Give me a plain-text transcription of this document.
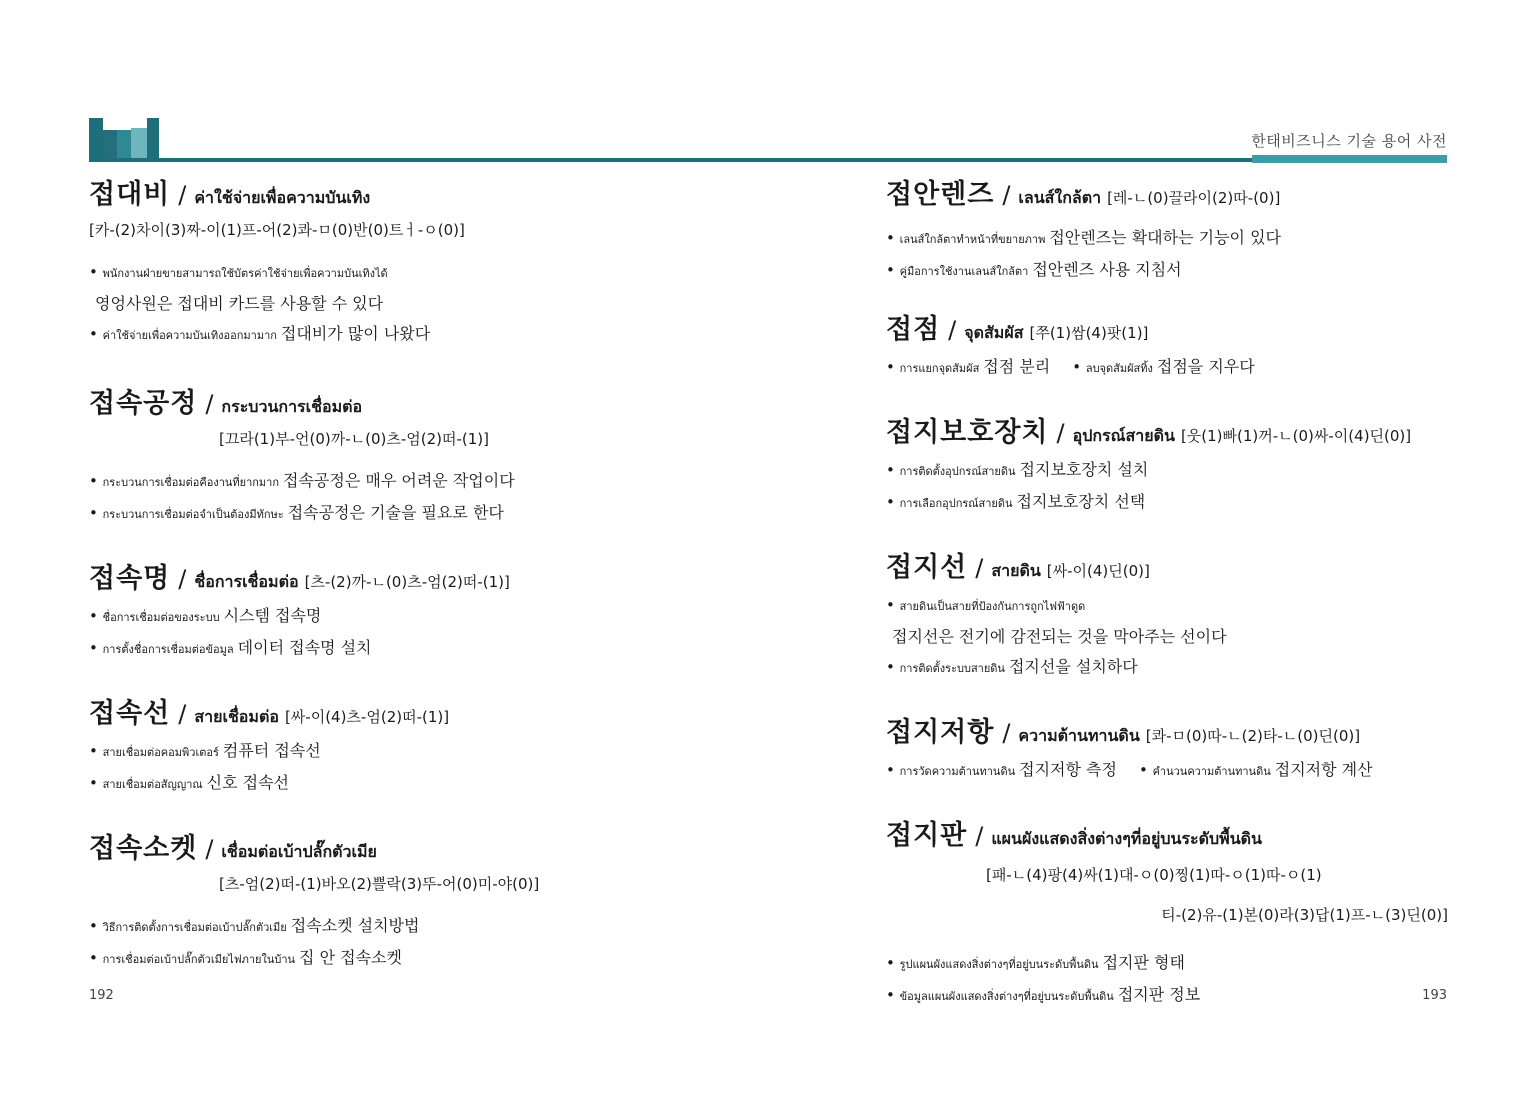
한태비즈니스 기술 용어 사전
접대비 / ค่าใช้จ่ายเพื่อความบันเทิง
[카-(2)차이(3)짜-이(1)프-어(2)콰-ㅁ(0)반(0)트ㅓ-ㅇ(0)]
• พนักงานฝ่ายขายสามารถใช้บัตรค่าใช้จ่ายเพื่อความบันเทิงได้
영엉사원은 접대비 카드를 사용할 수 있다
• ค่าใช้จ่ายเพื่อความบันเทิงออกมามาก 접대비가 많이 나왔다
접속공정 / กระบวนการเชื่อมต่อ
[끄라(1)부-언(0)까-ㄴ(0)츠-엄(2)떠-(1)]
• กระบวนการเชื่อมต่อคืองานที่ยากมาก 접속공정은 매우 어려운 작업이다
• กระบวนการเชื่อมต่อจำเป็นต้องมีทักษะ 접속공정은 기술을 필요로 한다
접속명 / ชื่อการเชื่อมต่อ [츠-(2)까-ㄴ(0)츠-엄(2)떠-(1)]
• ชื่อการเชื่อมต่อของระบบ 시스템 접속명
• การตั้งชื่อการเชื่อมต่อข้อมูล 데이터 접속명 설치
접속선 / สายเชื่อมต่อ [싸-이(4)츠-엄(2)떠-(1)]
• สายเชื่อมต่อคอมพิวเตอร์ 컴퓨터 접속선
• สายเชื่อมต่อสัญญาณ 신호 접속선
접속소켓 / เชื่อมต่อเบ้าปลั๊กตัวเมีย
[츠-엄(2)떠-(1)바오(2)쁠락(3)뚜-어(0)미-야(0)]
• วิธีการติดตั้งการเชื่อมต่อเบ้าปลั๊กตัวเมีย 접속소켓 설치방법
• การเชื่อมต่อเบ้าปลั๊กตัวเมียไฟภายในบ้าน 집 안 접속소켓
접안렌즈 / เลนส์ใกล้ตา [레-ㄴ(0)끌라이(2)따-(0)]
• เลนส์ใกล้ตาทำหน้าที่ขยายภาพ 접안렌즈는 확대하는 기능이 있다
• คู่มือการใช้งานเลนส์ใกล้ตา 접안렌즈 사용 지침서
접점 / จุดสัมผัส [쭈(1)쌈(4)팟(1)]
• การแยกจุดสัมผัส 접점 분리 • ลบจุดสัมผัสทิ้ง 접점을 지우다
접지보호장치 / อุปกรณ์สายดิน [웃(1)빠(1)꺼-ㄴ(0)싸-이(4)딘(0)]
• การติดตั้งอุปกรณ์สายดิน 접지보호장치 설치
• การเลือกอุปกรณ์สายดิน 접지보호장치 선택
접지선 / สายดิน [싸-이(4)딘(0)]
• สายดินเป็นสายที่ป้องกันการถูกไฟฟ้าดูด
접지선은 전기에 감전되는 것을 막아주는 선이다
• การติดตั้งระบบสายดิน 접지선을 설치하다
접지저항 / ความต้านทานดิน [콰-ㅁ(0)따-ㄴ(2)타-ㄴ(0)딘(0)]
• การวัดความต้านทานดิน 접지저항 측정 • คำนวนความต้านทานดิน 접지저항 계산
접지판 / แผนผังแสดงสิ่งต่างๆที่อยู่บนระดับพื้นดิน
[패-ㄴ(4)팡(4)싸(1)대-ㅇ(0)찡(1)따-ㅇ(1)따-ㅇ(1)
티-(2)유-(1)본(0)라(3)답(1)프-ㄴ(3)딘(0)]
• รูปแผนผังแสดงสิ่งต่างๆที่อยู่บนระดับพื้นดิน 접지판 형태
• ข้อมูลแผนผังแสดงสิ่งต่างๆที่อยู่บนระดับพื้นดิน 접지판 정보
192	193
